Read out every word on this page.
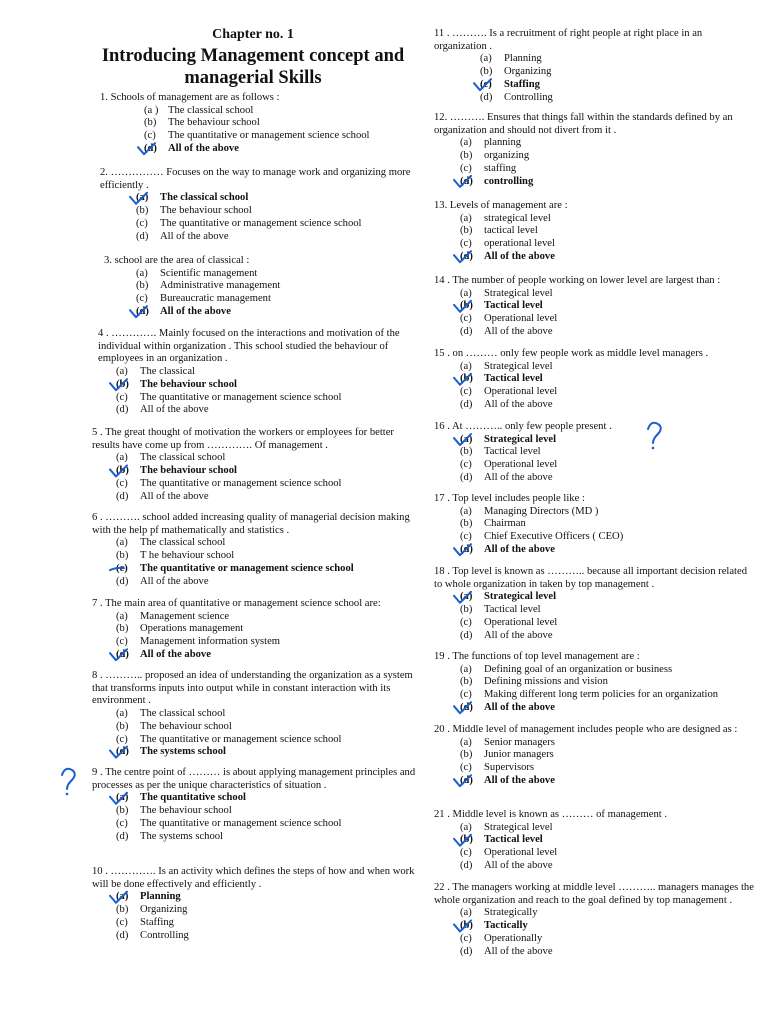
Chapter no. 1
Introducing Management concept and managerial Skills

1. Schools of management are as follows :

(a ) The classical school
(b)	The behaviour school
(c)	The quantitative or management science school
(d)	All of the above

2. …………… Focuses on the way to manage work and organizing more efficiently .

(a)	The classical school
(b)	The behaviour school
(c)	The quantitative or management science school
(d)	All of the above

3. school are the area of classical :

(a)	Scientific management
(b)	Administrative management
(c)	Bureaucratic management
(d)	All of the above

4 . …………. Mainly focused on the interactions and motivation of the individual within organization . This school studied the behaviour of employees in an organization .

(a)	The classical
(b)	The behaviour school
(c)	The quantitative or management science school
(d)	All of the above

5 . The great thought of motivation the workers or employees for better results have come up from …………. Of management .

(a)	The classical school
(b)	The behaviour school
(c)	The quantitative or management science school
(d)	All of the above

6 . ………. school added increasing quality of managerial decision making with the help pf mathematically and statistics .

(a)	The classical school
(b)	T he behaviour school
(c)	The quantitative or management science school
(d)	All of the above

7 . The main area of quantitative or management science school are:

(a)	Management science
(b)	Operations management
(c)	Management information system
(d)	All of the above

8 . ……….. proposed an idea of understanding the organization as a system that transforms inputs into output while in constant interaction with its environment .

(a)	The classical school
(b)	The behaviour school
(c)	The quantitative or management science school
(d)	The systems school

9 . The centre point of ……… is about applying management principles and processes as per the unique characteristics of situation .

(a)	The quantitative school
(b)	The behaviour school
(c)	The quantitative or management science school
(d)	The systems school

10 . …………. Is an activity which defines the steps of how and when work will be done effectively and efficiently .

(a)	Planning
(b)	Organizing
(c)	Staffing
(d)	Controlling

11 . ………. Is a recruitment of right people at right place in an organization .

(a)	Planning
(b)	Organizing
(c)	Staffing
(d)	Controlling

12. ………. Ensures that things fall within the standards defined by an organization and should not divert from it .

(a)	planning
(b)	organizing
(c)	staffing
(d)	controlling

13. Levels of management are :

(a)	strategical level
(b)	tactical level
(c)	operational level
(d)	All of the above

14 . The number of people working on lower level are largest than :

(a)	Strategical level
(b)	Tactical level
(c)	Operational level
(d)	All of the above

15 . on ……… only few people work as middle level managers .

(a)	Strategical level
(b)	Tactical level
(c)	Operational level
(d)	All of the above

16 . At ……….. only few people present .

(a)	Strategical level
(b)	Tactical level
(c)	Operational level
(d)	All of the above

17 . Top level includes people like :

(a)	Managing Directors (MD )
(b)	Chairman
(c)	Chief Executive Officers ( CEO)
(d)	All of the above

18 . Top level is known as ……….. because all important decision related to whole organization in taken by top management .

(a)	Strategical level
(b)	Tactical level
(c)	Operational level
(d)	All of the above

19 . The functions of top level management are :

(a)	Defining goal of an organization or business
(b)	Defining missions and vision
(c)	Making different long term policies for an organization
(d)	All of the above

20 . Middle level of management includes people who are designed as :

(a)	Senior managers
(b)	Junior managers
(c)	Supervisors
(d)	All of the above

21 . Middle level is known as ……… of management .

(a)	Strategical level
(b)	Tactical level
(c)	Operational level
(d)	All of the above

22 . The managers working at middle level ……….. managers manages the whole organization and reach to the goal defined by top management .

(a)	Strategically
(b)	Tactically
(c)	Operationally
(d)	All of the above
